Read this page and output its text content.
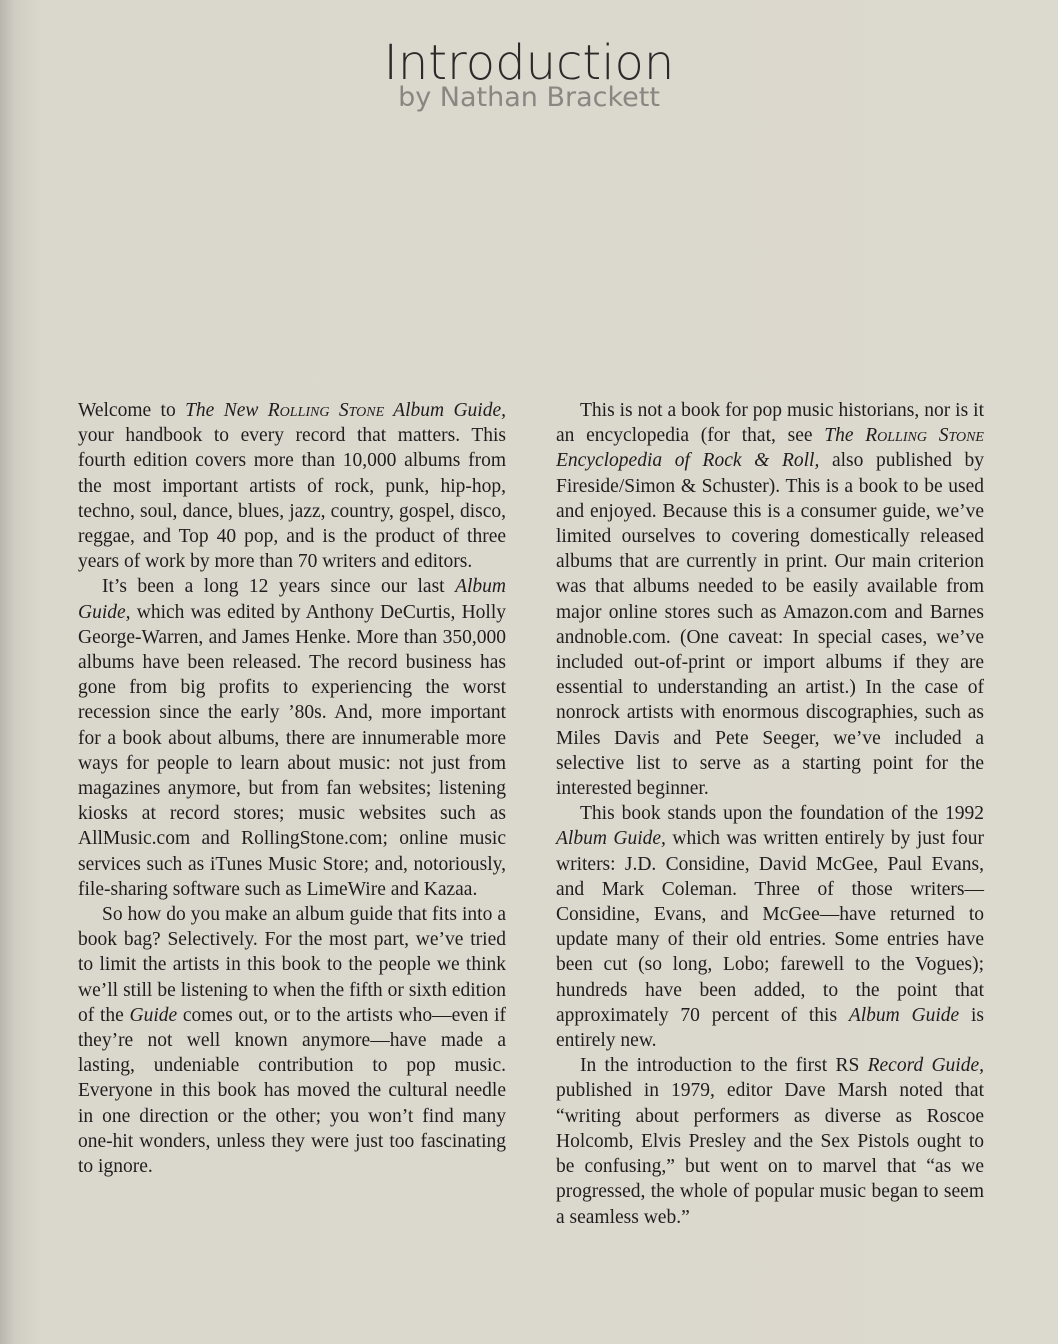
Introduction
by Nathan Brackett

Welcome to The New Rolling Stone Album Guide, your handbook to every record that matters. This fourth edition covers more than 10,000 albums from the most important artists of rock, punk, hip-hop, techno, soul, dance, blues, jazz, country, gospel, disco, reggae, and Top 40 pop, and is the product of three years of work by more than 70 writers and editors.

It’s been a long 12 years since our last Album Guide, which was edited by Anthony DeCurtis, Holly George-Warren, and James Henke. More than 350,000 albums have been released. The record business has gone from big profits to experiencing the worst recession since the early ’80s. And, more important for a book about albums, there are innumerable more ways for people to learn about music: not just from magazines anymore, but from fan websites; listening kiosks at record stores; music websites such as AllMusic.com and RollingStone.com; online music services such as iTunes Music Store; and, notoriously, file-sharing software such as LimeWire and Kazaa.

So how do you make an album guide that fits into a book bag? Selectively. For the most part, we’ve tried to limit the artists in this book to the people we think we’ll still be listening to when the fifth or sixth edition of the Guide comes out, or to the artists who—even if they’re not well known anymore—have made a lasting, undeniable contribution to pop music. Everyone in this book has moved the cultural needle in one direction or the other; you won’t find many one-hit wonders, unless they were just too fascinating to ignore.

This is not a book for pop music historians, nor is it an encyclopedia (for that, see The Rolling Stone Encyclopedia of Rock & Roll, also published by Fireside/Simon & Schuster). This is a book to be used and enjoyed. Because this is a consumer guide, we’ve limited ourselves to covering domestically released albums that are currently in print. Our main criterion was that albums needed to be easily available from major online stores such as Amazon.com and Barnes andnoble.com. (One caveat: In special cases, we’ve included out-of-print or import albums if they are essential to understanding an artist.) In the case of nonrock artists with enormous discographies, such as Miles Davis and Pete Seeger, we’ve included a selective list to serve as a starting point for the interested beginner.

This book stands upon the foundation of the 1992 Album Guide, which was written entirely by just four writers: J.D. Considine, David McGee, Paul Evans, and Mark Coleman. Three of those writers—Considine, Evans, and McGee—have returned to update many of their old entries. Some entries have been cut (so long, Lobo; farewell to the Vogues); hundreds have been added, to the point that approximately 70 percent of this Album Guide is entirely new.

In the introduction to the first RS Record Guide, published in 1979, editor Dave Marsh noted that “writing about performers as diverse as Roscoe Holcomb, Elvis Presley and the Sex Pistols ought to be confusing,” but went on to marvel that “as we progressed, the whole of popular music began to seem a seamless web.”
